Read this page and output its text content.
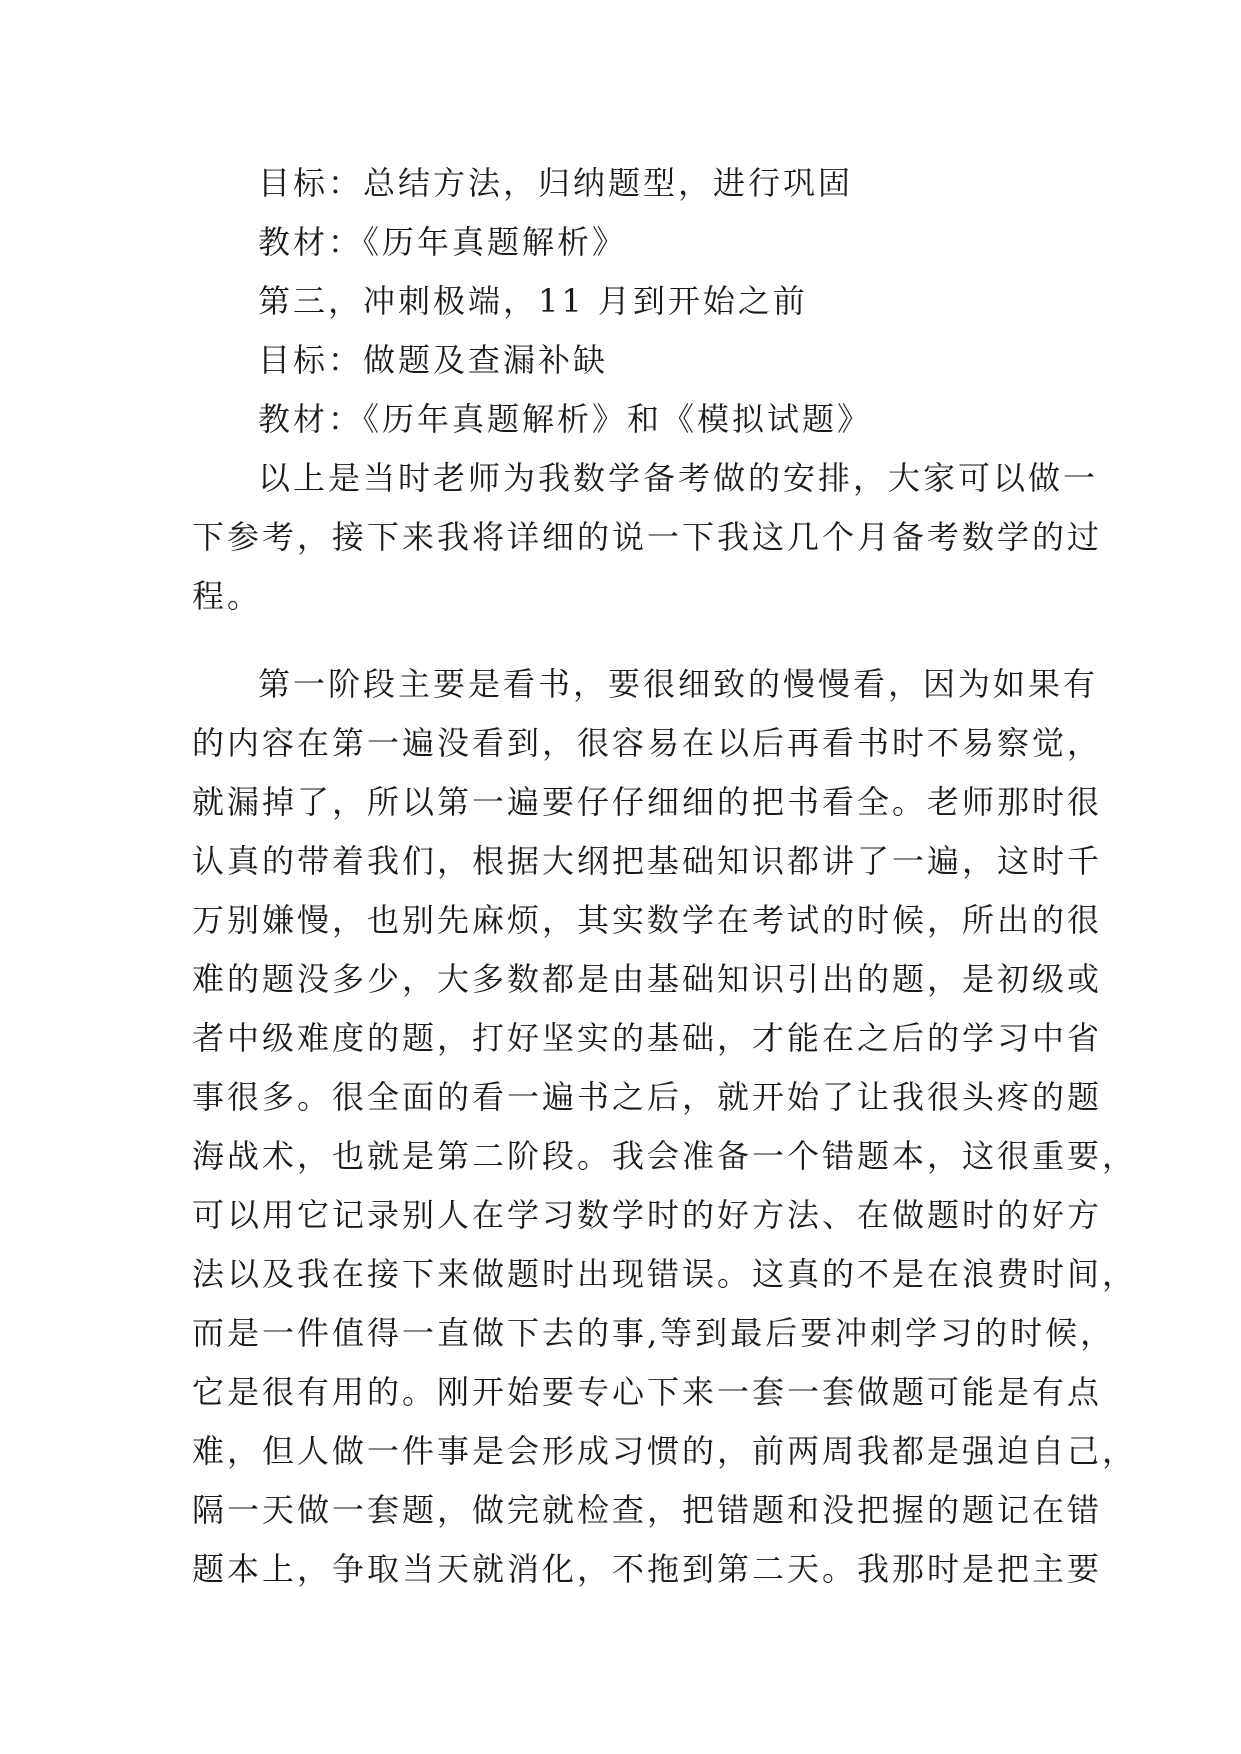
目标：总结方法，归纳题型，进行巩固
教材：《历年真题解析》
第三，冲刺极端，11 月到开始之前
目标：做题及查漏补缺
教材：《历年真题解析》和《模拟试题》
以上是当时老师为我数学备考做的安排，大家可以做一
下参考，接下来我将详细的说一下我这几个月备考数学的过
程。
第一阶段主要是看书，要很细致的慢慢看，因为如果有
的内容在第一遍没看到，很容易在以后再看书时不易察觉，
就漏掉了，所以第一遍要仔仔细细的把书看全。老师那时很
认真的带着我们，根据大纲把基础知识都讲了一遍，这时千
万别嫌慢，也别先麻烦，其实数学在考试的时候，所出的很
难的题没多少，大多数都是由基础知识引出的题，是初级或
者中级难度的题，打好坚实的基础，才能在之后的学习中省
事很多。很全面的看一遍书之后，就开始了让我很头疼的题
海战术，也就是第二阶段。我会准备一个错题本，这很重要，
可以用它记录别人在学习数学时的好方法、在做题时的好方
法以及我在接下来做题时出现错误。这真的不是在浪费时间，
而是一件值得一直做下去的事,等到最后要冲刺学习的时候，
它是很有用的。刚开始要专心下来一套一套做题可能是有点
难，但人做一件事是会形成习惯的，前两周我都是强迫自己，
隔一天做一套题，做完就检查，把错题和没把握的题记在错
题本上，争取当天就消化，不拖到第二天。我那时是把主要
